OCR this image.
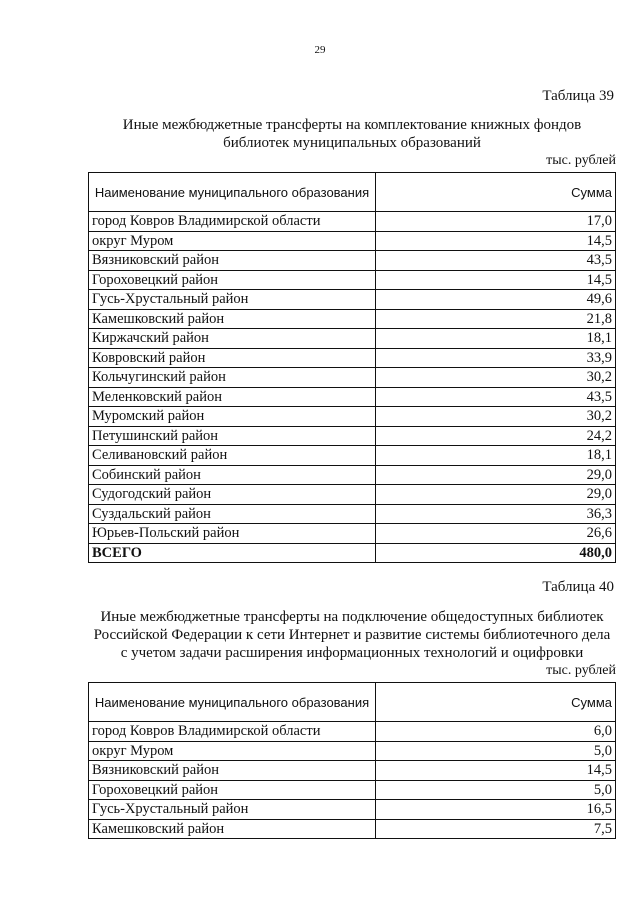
29
Таблица 39
Иные межбюджетные трансферты на комплектование книжных фондов
библиотек муниципальных образований
тыс. рублей
Наименование муниципального образования	Сумма
город Ковров Владимирской области	17,0
округ Муром	14,5
Вязниковский район	43,5
Гороховецкий район	14,5
Гусь-Хрустальный район	49,6
Камешковский район	21,8
Киржачский район	18,1
Ковровский район	33,9
Кольчугинский район	30,2
Меленковский район	43,5
Муромский район	30,2
Петушинский район	24,2
Селивановский район	18,1
Собинский район	29,0
Судогодский район	29,0
Суздальский район	36,3
Юрьев-Польский район	26,6
ВСЕГО	480,0
Таблица 40
Иные межбюджетные трансферты на подключение общедоступных библиотек
Российской Федерации к сети Интернет и развитие системы библиотечного дела
с учетом задачи расширения информационных технологий и оцифровки
тыс. рублей
Наименование муниципального образования	Сумма
город Ковров Владимирской области	6,0
округ Муром	5,0
Вязниковский район	14,5
Гороховецкий район	5,0
Гусь-Хрустальный район	16,5
Камешковский район	7,5
